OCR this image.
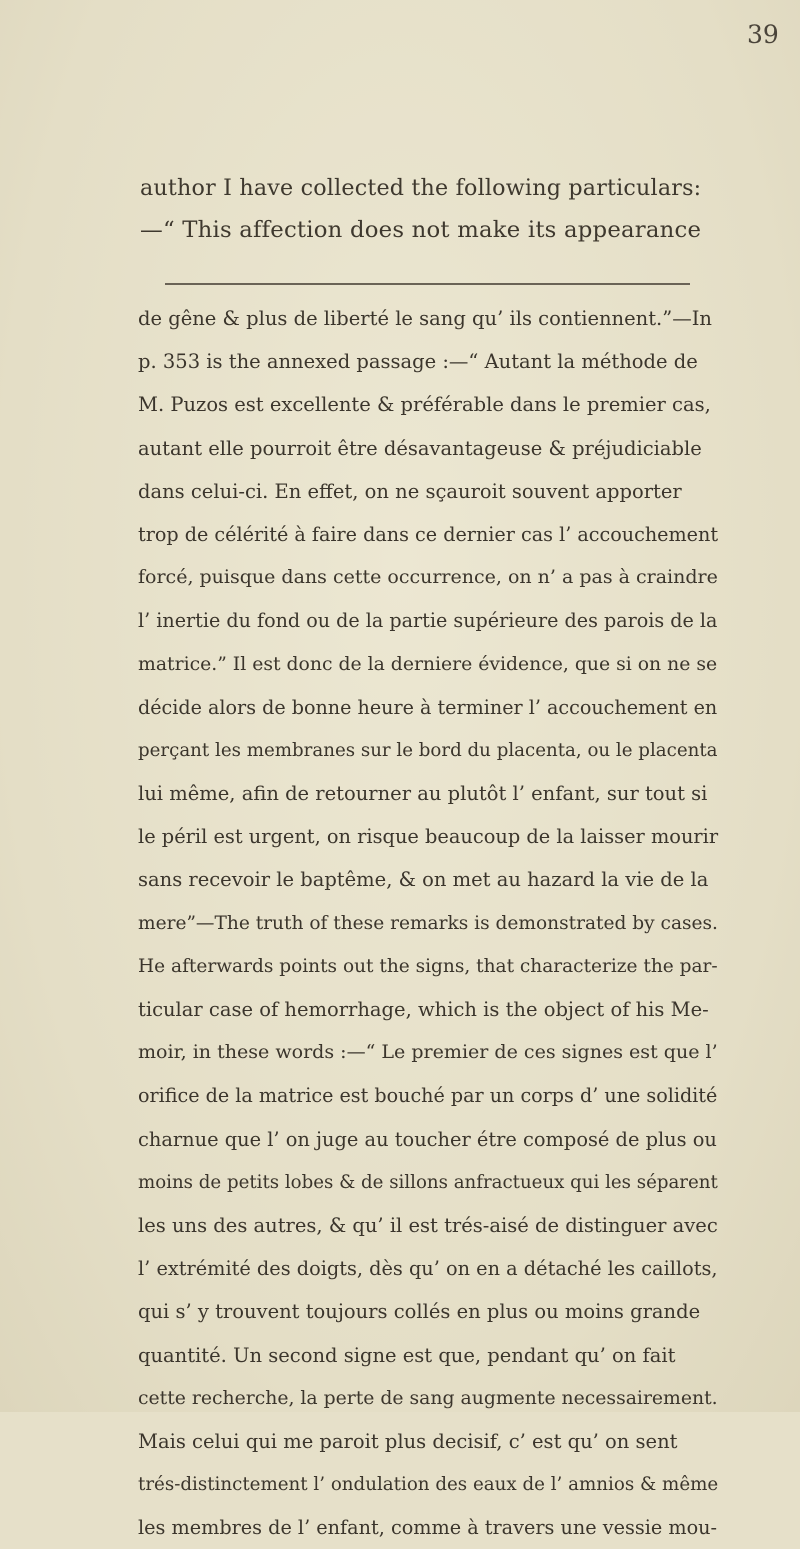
39
author I have collected the following particulars:
—“ This affection does not make its appearance
de gêne & plus de liberté le sang qu’ ils contiennent.”—In
p. 353 is the annexed passage :—“ Autant la méthode de
M. Puzos est excellente & préférable dans le premier cas,
autant elle pourroit être désavantageuse & préjudiciable
dans celui-ci. En effet, on ne sçauroit souvent apporter
trop de célérité à faire dans ce dernier cas l’ accouchement
forcé, puisque dans cette occurrence, on n’ a pas à craindre
l’ inertie du fond ou de la partie supérieure des parois de la
matrice.” Il est donc de la derniere évidence, que si on ne se
décide alors de bonne heure à terminer l’ accouchement en
perçant les membranes sur le bord du placenta, ou le placenta
lui même, afin de retourner au plutôt l’ enfant, sur tout si
le péril est urgent, on risque beaucoup de la laisser mourir
sans recevoir le baptême, & on met au hazard la vie de la
mere”—The truth of these remarks is demonstrated by cases.
He afterwards points out the signs, that characterize the par-
ticular case of hemorrhage, which is the object of his Me-
moir, in these words :—“ Le premier de ces signes est que l’
orifice de la matrice est bouché par un corps d’ une solidité
charnue que l’ on juge au toucher étre composé de plus ou
moins de petits lobes & de sillons anfractueux qui les séparent
les uns des autres, & qu’ il est trés-aisé de distinguer avec
l’ extrémité des doigts, dès qu’ on en a détaché les caillots,
qui s’ y trouvent toujours collés en plus ou moins grande
quantité. Un second signe est que, pendant qu’ on fait
cette recherche, la perte de sang augmente necessairement.
Mais celui qui me paroit plus decisif, c’ est qu’ on sent
trés-distinctement l’ ondulation des eaux de l’ amnios & même
les membres de l’ enfant, comme à travers une vessie mou-
